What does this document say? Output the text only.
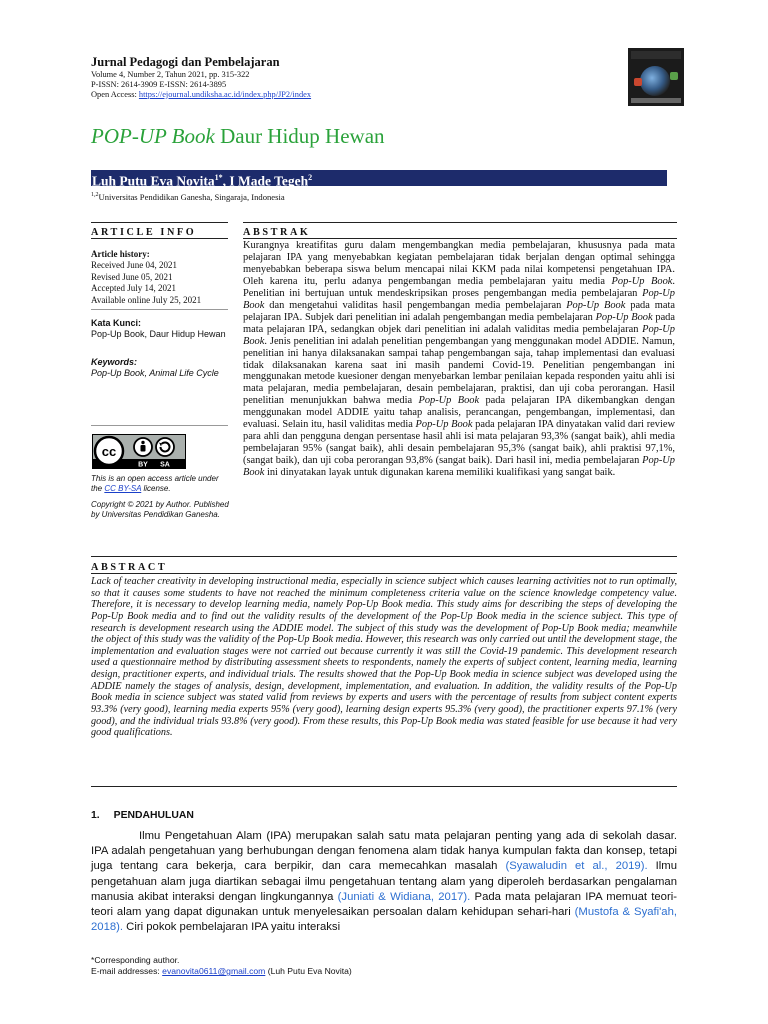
Jurnal Pedagogi dan Pembelajaran
Volume 4, Number 2, Tahun 2021, pp. 315-322
P-ISSN: 2614-3909 E-ISSN: 2614-3895
Open Access: https://ejournal.undiksha.ac.id/index.php/JP2/index
POP-UP Book Daur Hidup Hewan
Luh Putu Eva Novita$^{1*}$, I Made Tegeh$^2$
$^{1,2}$Universitas Pendidikan Ganesha, Singaraja, Indonesia
ARTICLE INFO	ABSTRAK
Article history:
Received June 04, 2021
Revised June 05, 2021
Accepted July 14, 2021
Available online July 25, 2021
Kata Kunci:
Pop-Up Book, Daur Hidup Hewan
Keywords:
Pop-Up Book, Animal Life Cycle
cc
BY SA
This is an open access article under the CC BY-SA license.
Copyright © 2021 by Author. Published by Universitas Pendidikan Ganesha.
Kurangnya kreatifitas guru dalam mengembangkan media pembelajaran, khususnya pada mata pelajaran IPA yang menyebabkan kegiatan pembelajaran tidak berjalan dengan optimal sehingga menyebabkan beberapa siswa belum mencapai nilai KKM pada nilai kompetensi pengetahuan IPA. Oleh karena itu, perlu adanya pengembangan media pembelajaran yaitu media Pop-Up Book. Penelitian ini bertujuan untuk mendeskripsikan proses pengembangan media pembelajaran Pop-Up Book dan mengetahui validitas hasil pengembangan media pembelajaran Pop-Up Book pada mata pelajaran IPA. Subjek dari penelitian ini adalah pengembangan media pembelajaran Pop-Up Book pada mata pelajaran IPA, sedangkan objek dari penelitian ini adalah validitas media pembelajaran Pop-Up Book. Jenis penelitian ini adalah penelitian pengembangan yang menggunakan model ADDIE. Namun, penelitian ini hanya dilaksanakan sampai tahap pengembangan saja, tahap implementasi dan evaluasi tidak dilaksanakan karena saat ini masih pandemi Covid-19. Penelitian pengembangan ini menggunakan metode kuesioner dengan menyebarkan lembar penilaian kepada responden yaitu ahli isi mata pelajaran, media pembelajaran, desain pembelajaran, praktisi, dan uji coba perorangan. Hasil penelitian menunjukkan bahwa media Pop-Up Book pada pelajaran IPA dikembangkan dengan menggunakan model ADDIE yaitu tahap analisis, perancangan, pengembangan, implementasi, dan evaluasi. Selain itu, hasil validitas media Pop-Up Book pada pelajaran IPA dinyatakan valid dari review para ahli dan pengguna dengan persentase hasil ahli isi mata pelajaran 93,3% (sangat baik), ahli media pembelajaran 95% (sangat baik), ahli desain pembelajaran 95,3% (sangat baik), ahli praktisi 97,1%, (sangat baik), dan uji coba perorangan 93,8% (sangat baik). Dari hasil ini, media pembelajaran Pop-Up Book ini dinyatakan layak untuk digunakan karena memiliki kualifikasi yang sangat baik.
ABSTRACT
Lack of teacher creativity in developing instructional media, especially in science subject which causes learning activities not to run optimally, so that it causes some students to have not reached the minimum completeness criteria value on the science knowledge competency value. Therefore, it is necessary to develop learning media, namely Pop-Up Book media. This study aims for describing the steps of developing the Pop-Up Book media and to find out the validity results of the development of the Pop-Up Book media in the science subject. This type of research is development research using the ADDIE model. The subject of this study was the development of Pop-Up Book media; meanwhile the object of this study was the validity of the Pop-Up Book media. However, this research was only carried out until the development stage, the implementation and evaluation stages were not carried out because currently it was still the Covid-19 pandemic. This development research used a questionnaire method by distributing assessment sheets to respondents, namely the experts of subject content, learning media, learning design, practitioner experts, and individual trials. The results showed that the Pop-Up Book media in science subject was developed using the ADDIE namely the stages of analysis, design, development, implementation, and evaluation. In addition, the validity results of the Pop-Up Book media in science subject was stated valid from reviews by experts and users with the percentage of results from subject content experts 93.3% (very good), learning media experts 95% (very good), learning design experts 95.3% (very good), the practitioner experts 97.1% (very good), and the individual trials 93.8% (very good). From these results, this Pop-Up Book media was stated feasible for use because it had very good qualifications.
1. PENDAHULUAN
Ilmu Pengetahuan Alam (IPA) merupakan salah satu mata pelajaran penting yang ada di sekolah dasar. IPA adalah pengetahuan yang berhubungan dengan fenomena alam tidak hanya kumpulan fakta dan konsep, tetapi juga tentang cara bekerja, cara berpikir, dan cara memecahkan masalah (Syawaludin et al., 2019). Ilmu pengetahuan alam juga diartikan sebagai ilmu pengetahuan tentang alam yang diperoleh berdasarkan pengalaman manusia akibat interaksi dengan lingkungannya (Juniati & Widiana, 2017). Pada mata pelajaran IPA memuat teori-teori alam yang dapat digunakan untuk menyelesaikan persoalan dalam kehidupan sehari-hari (Mustofa & Syafi'ah, 2018). Ciri pokok pembelajaran IPA yaitu interaksi
*Corresponding author.
E-mail addresses: evanovita0611@gmail.com (Luh Putu Eva Novita)
